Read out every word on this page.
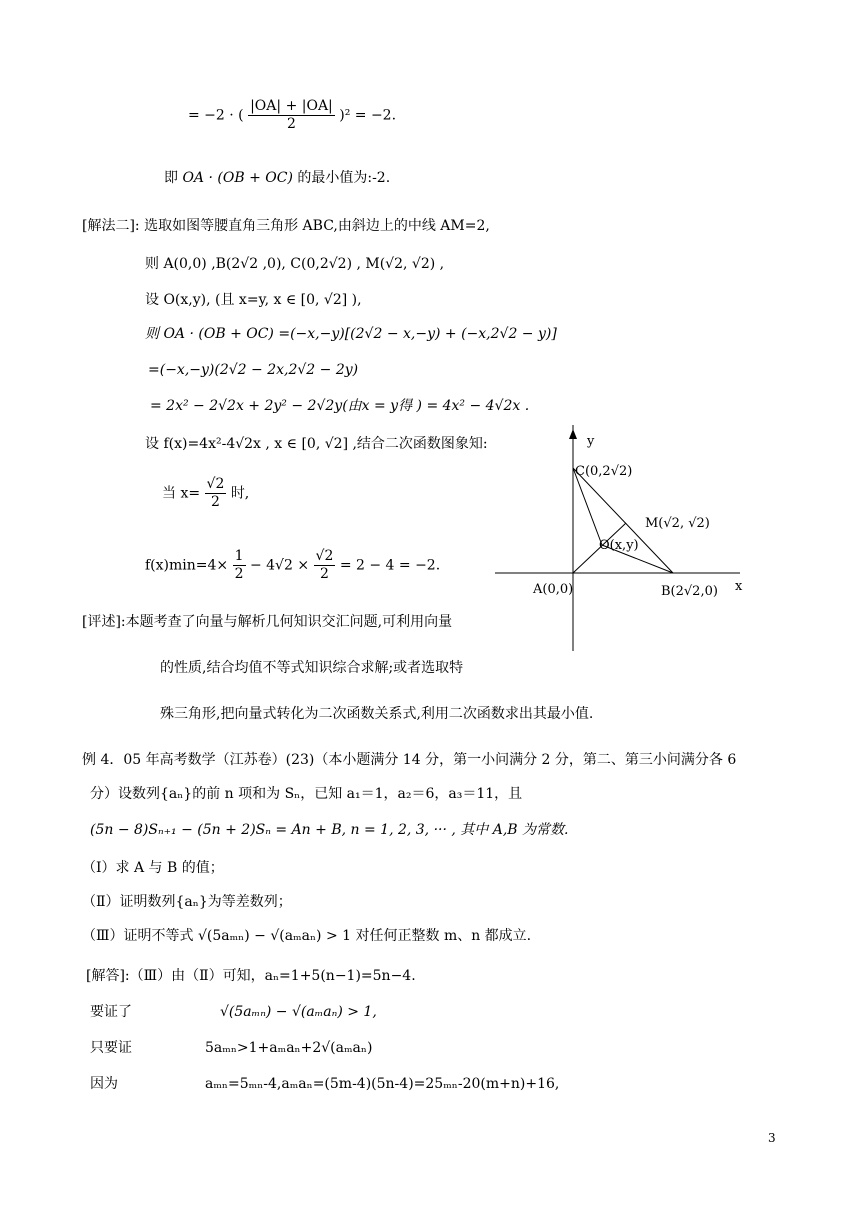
= −2 · ( $\frac{|OA| + |OA|}{2} )^2 = -2$.
即 OA · (OB + OC) 的最小值为:-2.
[解法二]: 选取如图等腰直角三角形 ABC,由斜边上的中线 AM=2,
则 A(0,0) ,B(2√2 ,0), C(0,2√2) , M(√2, √2) ,
设 O(x,y), (且 x=y, x ∈ [0, √2] ),
则 OA · (OB + OC) =(−x,−y)[(2√2 − x,−y) + (−x,2√2 − y)]
=(−x,−y)(2√2 − 2x,2√2 − 2y)
= 2x² − 2√2x + 2y² − 2√2y(由x = y得 ) = 4x² − 4√2x .
设 f(x)=4x²-4√2x , x ∈ [0, √2] ,结合二次函数图象知:
当 $x= \frac{√2}{2}$ 时,
$f(x)\min=4\times \frac{1}{2} - 4√2 \times \frac{√2}{2} = 2 - 4 = -2$.
[评述]:本题考查了向量与解析几何知识交汇问题,可利用向量
的性质,结合均值不等式知识综合求解;或者选取特
殊三角形,把向量式转化为二次函数关系式,利用二次函数求出其最小值.
例 4．05 年高考数学（江苏卷）(23)（本小题满分 14 分，第一小问满分 2 分，第二、第三小问满分各 6
分）设数列{aₙ}的前 n 项和为 Sₙ，已知 a₁＝1，a₂＝6，a₃＝11，且
(5n − 8)Sₙ₊₁ − (5n + 2)Sₙ = An + B, n = 1, 2, 3, ··· , 其中 A,B 为常数.
（Ⅰ）求 A 与 B 的值；
（Ⅱ）证明数列{aₙ}为等差数列；
（Ⅲ）证明不等式 √(5aₘₙ) − √(aₘaₙ) > 1 对任何正整数 m、n 都成立.
[解答]:（Ⅲ）由（Ⅱ）可知，aₙ=1+5(n−1)=5n−4.
要证了	√(5aₘₙ) − √(aₘaₙ) > 1,
只要证	5aₘₙ>1+aₘaₙ+2√(aₘaₙ)
因为	aₘₙ=5ₘₙ-4,aₘaₙ=(5m-4)(5n-4)=25ₘₙ-20(m+n)+16,
y
x
C(0,2√2)
M(√2, √2)
O(x,y)
A(0,0)	B(2√2,0)
3
